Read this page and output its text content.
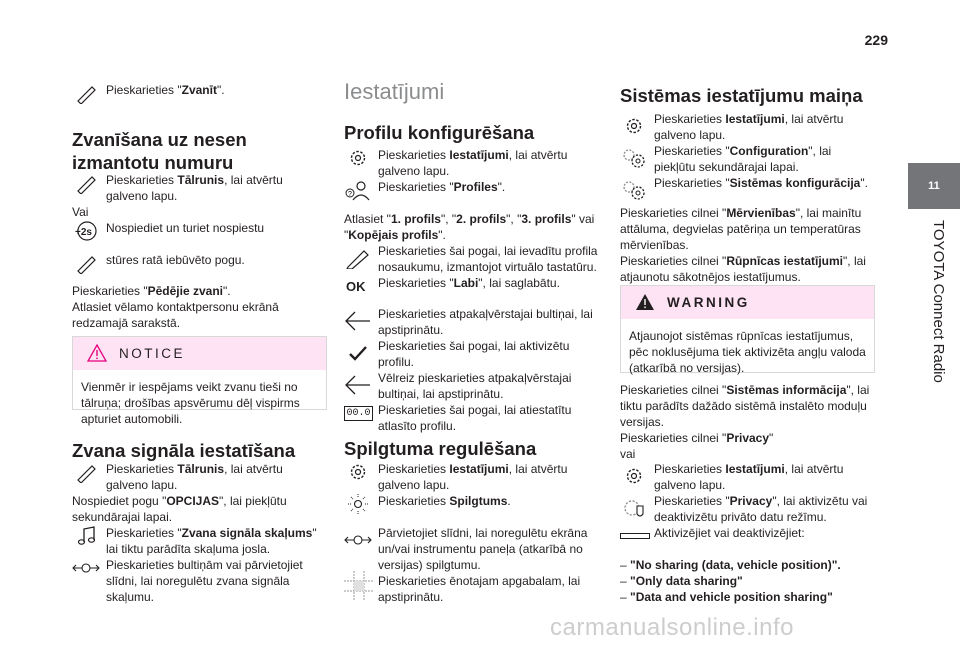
229
11
TOYOTA Connect Radio
Pieskarieties "Zvanīt".
Zvanīšana uz nesen izmantotu numuru
Pieskarieties Tālrunis, lai atvērtu galveno lapu.
Vai
+2s Nospiediet un turiet nospiestu
stūres ratā iebūvēto pogu.
Pieskarieties "Pēdējie zvani".
Atlasiet vēlamo kontaktpersonu ekrānā redzamajā sarakstā.
NOTICE
Vienmēr ir iespējams veikt zvanu tieši no tālruņa; drošības apsvērumu dēļ vispirms apturiet automobili.
Zvana signāla iestatīšana
Pieskarieties Tālrunis, lai atvērtu galveno lapu.
Nospiediet pogu "OPCIJAS", lai piekļūtu sekundārajai lapai.
Pieskarieties "Zvana signāla skaļums" lai tiktu parādīta skaļuma josla.
Pieskarieties bultiņām vai pārvietojiet slīdni, lai noregulētu zvana signāla skaļumu.
Iestatījumi
Profilu konfigurēšana
Pieskarieties Iestatījumi, lai atvērtu galveno lapu.
?
Pieskarieties "Profiles".
Atlasiet "1. profils", "2. profils", "3. profils" vai "Kopējais profils".
Pieskarieties šai pogai, lai ievadītu profila nosaukumu, izmantojot virtuālo tastatūru.
OK	Pieskarieties "Labi", lai saglabātu.
Pieskarieties atpakaļvērstajai bultiņai, lai apstiprinātu.
Pieskarieties šai pogai, lai aktivizētu profilu.
Vēlreiz pieskarieties atpakaļvērstajai bultiņai, lai apstiprinātu.
00.0 Pieskarieties šai pogai, lai atiestatītu atlasīto profilu.
Spilgtuma regulēšana
Pieskarieties Iestatījumi, lai atvērtu galveno lapu.
Pieskarieties Spilgtums.
Pārvietojiet slīdni, lai noregulētu ekrāna un/vai instrumentu paneļa (atkarībā no versijas) spilgtumu.
Pieskarieties ēnotajam apgabalam, lai apstiprinātu.
Sistēmas iestatījumu maiņa
Pieskarieties Iestatījumi, lai atvērtu galveno lapu.
Pieskarieties "Configuration", lai piekļūtu sekundārajai lapai.
Pieskarieties "Sistēmas konfigurācija".
Pieskarieties cilnei "Mērvienības", lai mainītu attāluma, degvielas patēriņa un temperatūras mērvienības.
Pieskarieties cilnei "Rūpnīcas iestatījumi", lai atjaunotu sākotnējos iestatījumus.
WARNING
Atjaunojot sistēmas rūpnīcas iestatījumus, pēc noklusējuma tiek aktivizēta angļu valoda (atkarībā no versijas).
Pieskarieties cilnei "Sistēmas informācija", lai tiktu parādīts dažādo sistēmā instalēto moduļu versijas.
Pieskarieties cilnei "Privacy"
vai
Pieskarieties Iestatījumi, lai atvērtu galveno lapu.
Pieskarieties "Privacy", lai aktivizētu vai deaktivizētu privāto datu režīmu.
Aktivizējiet vai deaktivizējiet:
– "No sharing (data, vehicle position)".
– "Only data sharing"
– "Data and vehicle position sharing"
carmanualsonline.info
